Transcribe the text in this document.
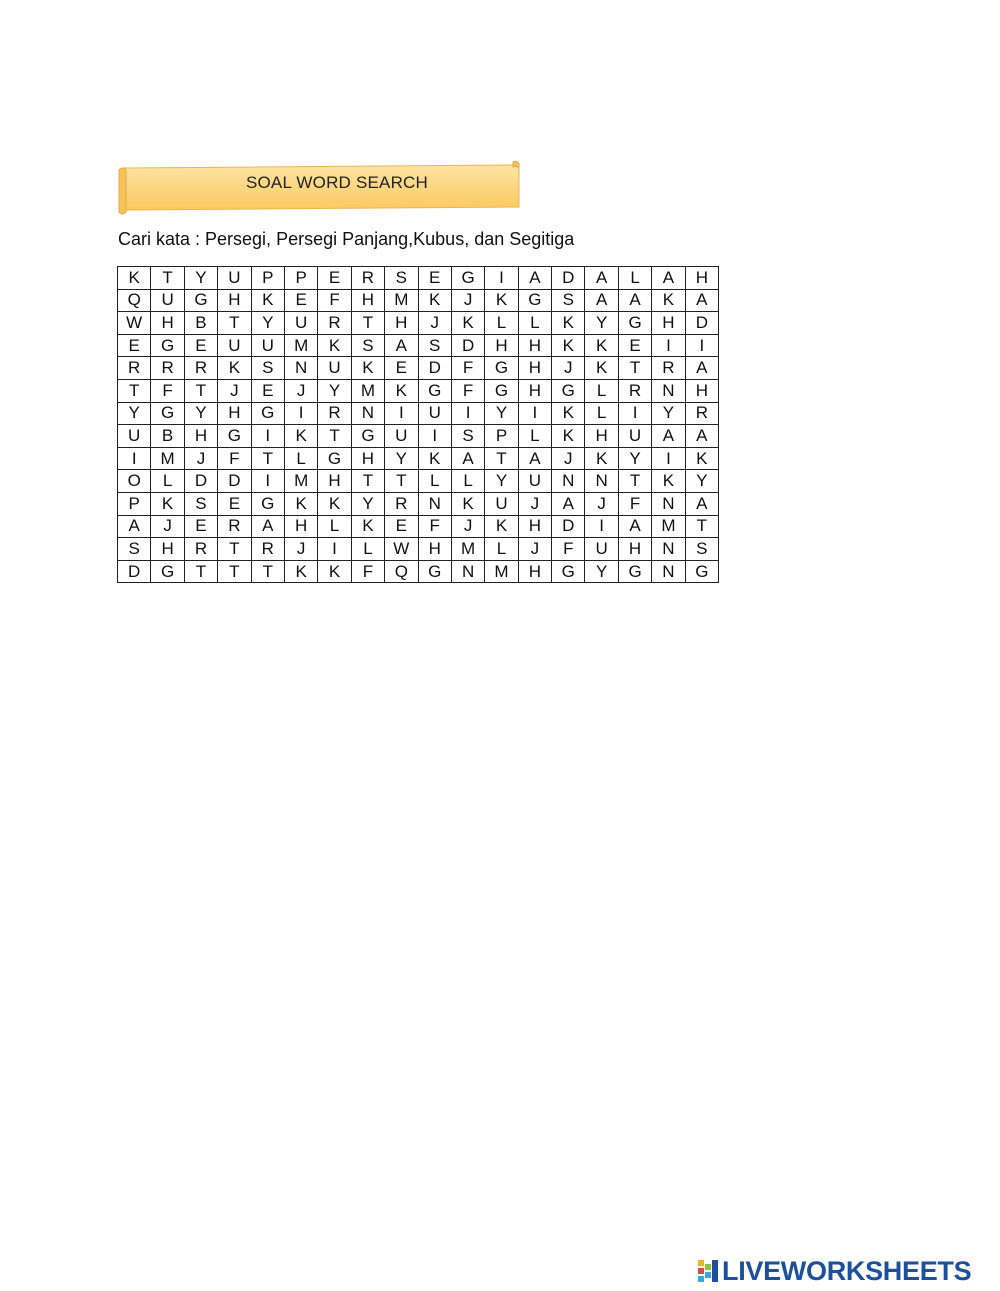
SOAL WORD SEARCH
Cari kata : Persegi, Persegi Panjang,Kubus, dan Segitiga
K	T	Y	U	P	P	E	R	S	E	G	I	A	D	A	L	A	H
Q	U	G	H	K	E	F	H	M	K	J	K	G	S	A	A	K	A
W	H	B	T	Y	U	R	T	H	J	K	L	L	K	Y	G	H	D
E	G	E	U	U	M	K	S	A	S	D	H	H	K	K	E	I	I
R	R	R	K	S	N	U	K	E	D	F	G	H	J	K	T	R	A
T	F	T	J	E	J	Y	M	K	G	F	G	H	G	L	R	N	H
Y	G	Y	H	G	I	R	N	I	U	I	Y	I	K	L	I	Y	R
U	B	H	G	I	K	T	G	U	I	S	P	L	K	H	U	A	A
I	M	J	F	T	L	G	H	Y	K	A	T	A	J	K	Y	I	K
O	L	D	D	I	M	H	T	T	L	L	Y	U	N	N	T	K	Y
P	K	S	E	G	K	K	Y	R	N	K	U	J	A	J	F	N	A
A	J	E	R	A	H	L	K	E	F	J	K	H	D	I	A	M	T
S	H	R	T	R	J	I	L	W	H	M	L	J	F	U	H	N	S
D	G	T	T	T	K	K	F	Q	G	N	M	H	G	Y	G	N	G
LIVEWORKSHEETS
